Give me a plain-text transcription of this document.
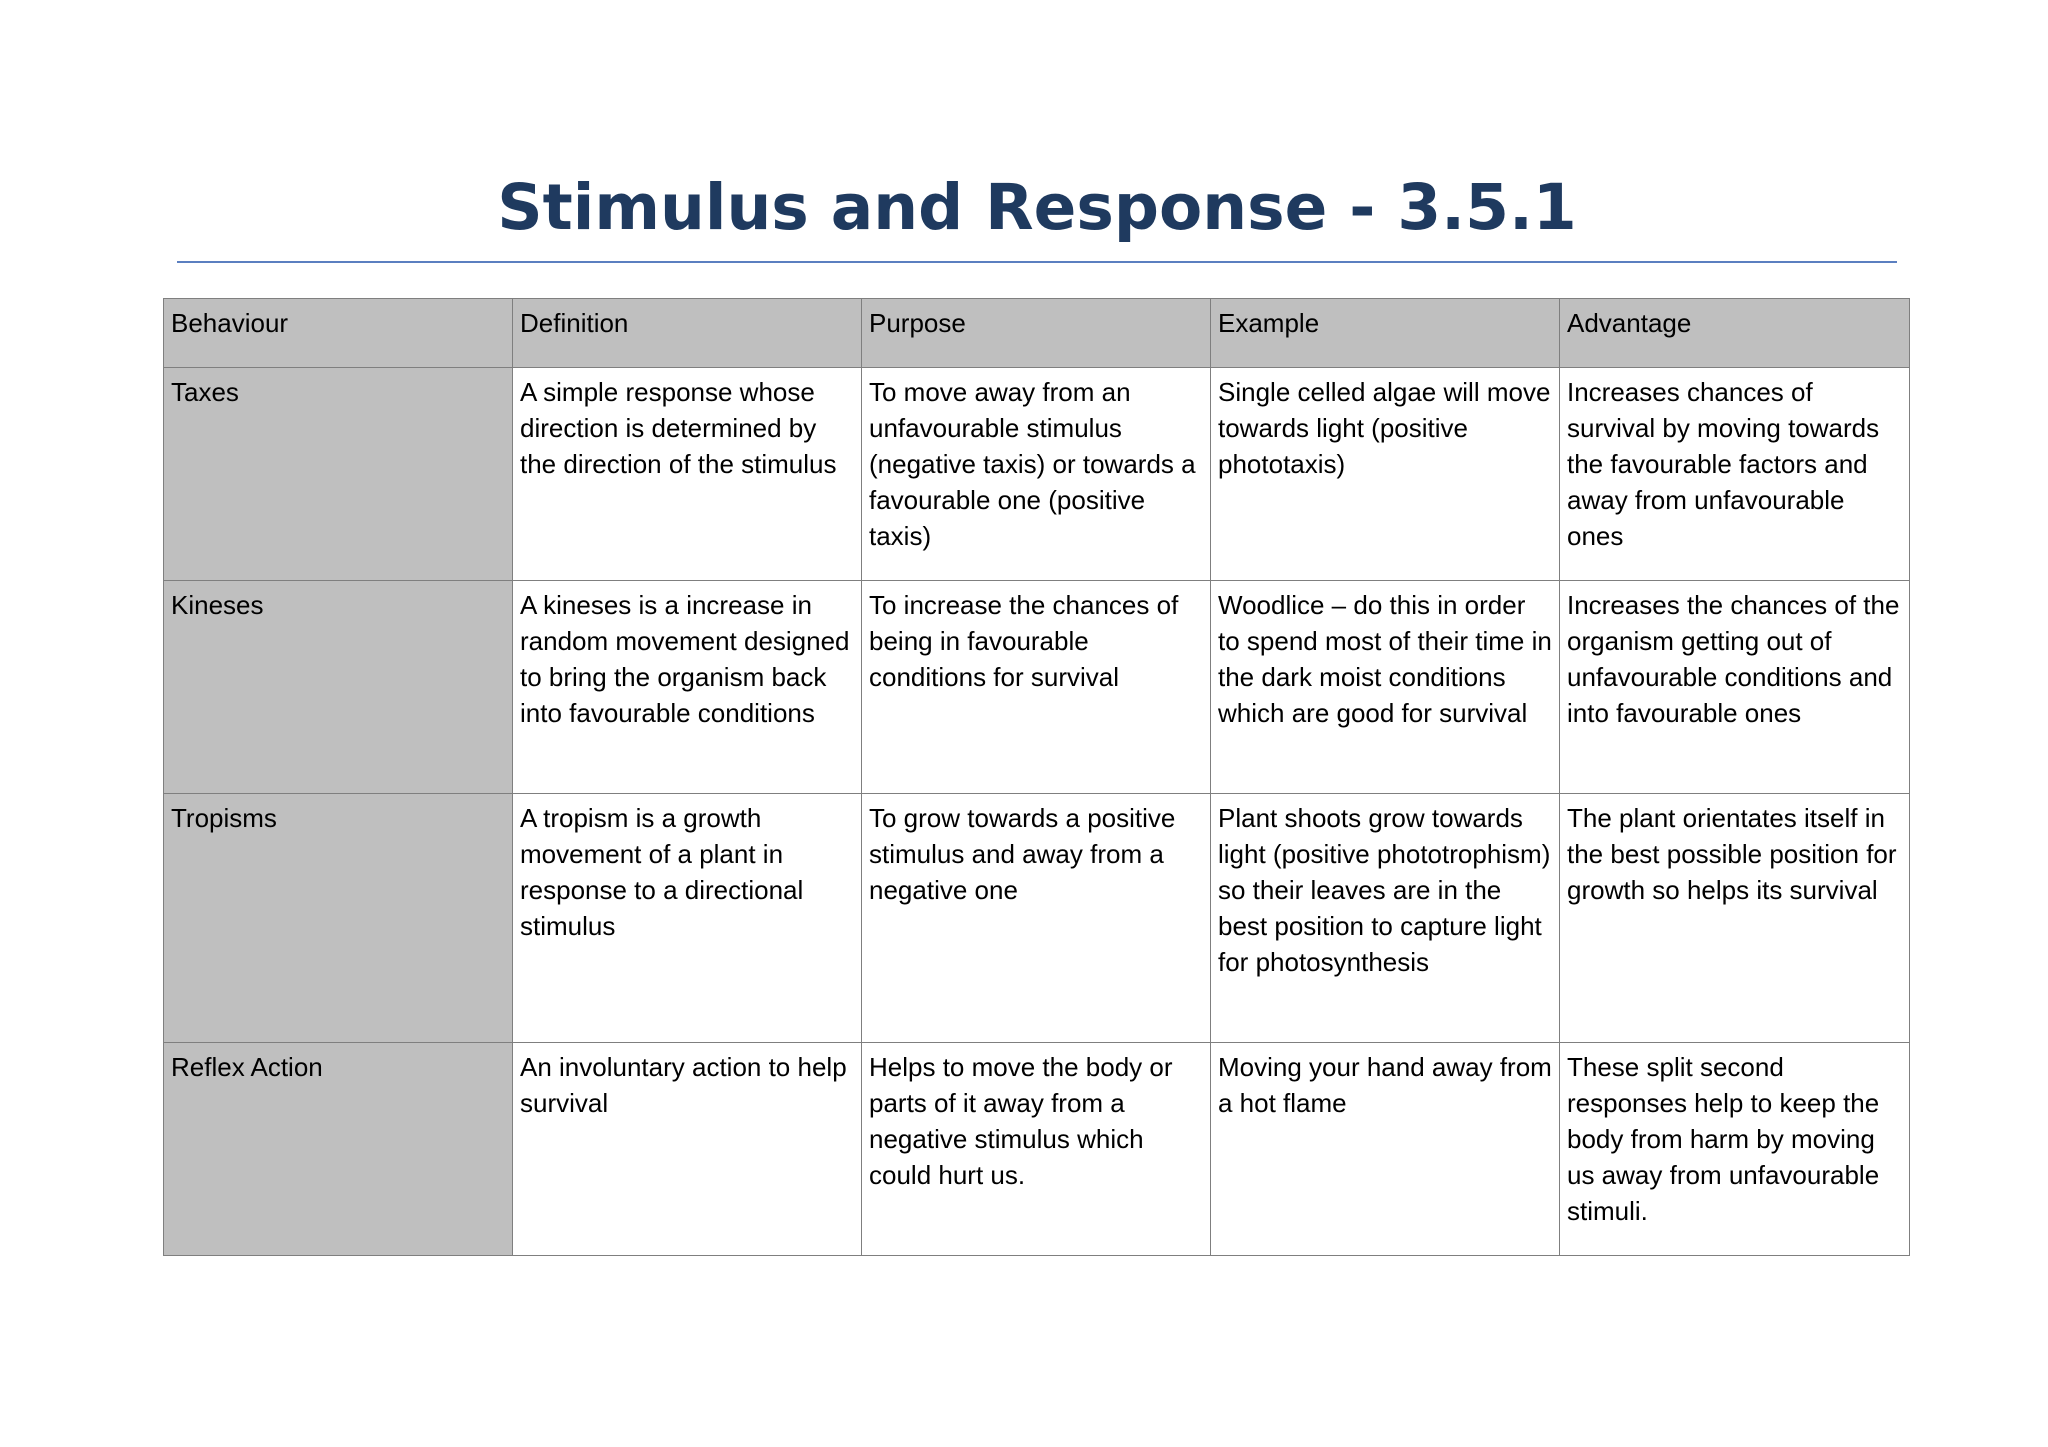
Stimulus and Response - 3.5.1
Behaviour	Definition	Purpose	Example	Advantage
Taxes	A simple response whose direction is determined by the direction of the stimulus	To move away from an unfavourable stimulus (negative taxis) or towards a favourable one (positive taxis)	Single celled algae will move towards light (positive phototaxis)	Increases chances of survival by moving towards the favourable factors and away from unfavourable ones
Kineses	A kineses is a increase in random movement designed to bring the organism back into favourable conditions	To increase the chances of being in favourable conditions for survival	Woodlice – do this in order to spend most of their time in the dark moist conditions which are good for survival	Increases the chances of the organism getting out of unfavourable conditions and into favourable ones
Tropisms	A tropism is a growth movement of a plant in response to a directional stimulus	To grow towards a positive stimulus and away from a negative one	Plant shoots grow towards light (positive phototrophism) so their leaves are in the best position to capture light for photosynthesis	The plant orientates itself in the best possible position for growth so helps its survival
Reflex Action	An involuntary action to help survival	Helps to move the body or parts of it away from a negative stimulus which could hurt us.	Moving your hand away from a hot flame	These split second responses help to keep the body from harm by moving us away from unfavourable stimuli.
